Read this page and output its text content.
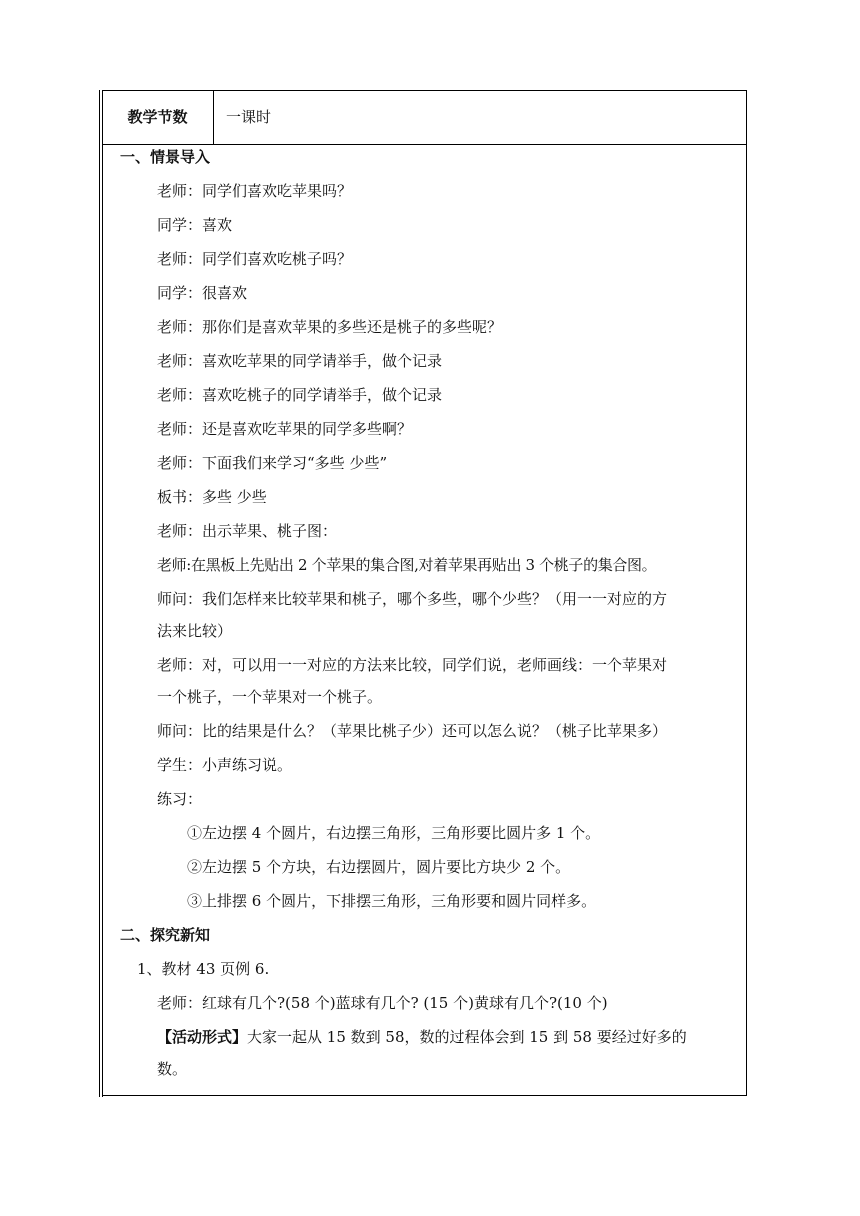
教学节数	一课时
一、情景导入
老师：同学们喜欢吃苹果吗？
同学：喜欢
老师：同学们喜欢吃桃子吗？
同学：很喜欢
老师：那你们是喜欢苹果的多些还是桃子的多些呢？
老师：喜欢吃苹果的同学请举手，做个记录
老师：喜欢吃桃子的同学请举手，做个记录
老师：还是喜欢吃苹果的同学多些啊？
老师：下面我们来学习“多些 少些”
板书：多些 少些
老师：出示苹果、桃子图：
老师:在黑板上先贴出 2 个苹果的集合图,对着苹果再贴出 3 个桃子的集合图。
师问：我们怎样来比较苹果和桃子，哪个多些，哪个少些？（用一一对应的方
法来比较）
老师：对，可以用一一对应的方法来比较，同学们说，老师画线：一个苹果对
一个桃子，一个苹果对一个桃子。
师问：比的结果是什么？（苹果比桃子少）还可以怎么说？（桃子比苹果多）
学生：小声练习说。
练习：
①左边摆 4 个圆片，右边摆三角形，三角形要比圆片多 1 个。
②左边摆 5 个方块，右边摆圆片，圆片要比方块少 2 个。
③上排摆 6 个圆片，下排摆三角形，三角形要和圆片同样多。
二、探究新知
1、教材 43 页例 6.
老师：红球有几个?(58 个)蓝球有几个? (15 个)黄球有几个?(10 个)
【活动形式】大家一起从 15 数到 58，数的过程体会到 15 到 58 要经过好多的
数。
